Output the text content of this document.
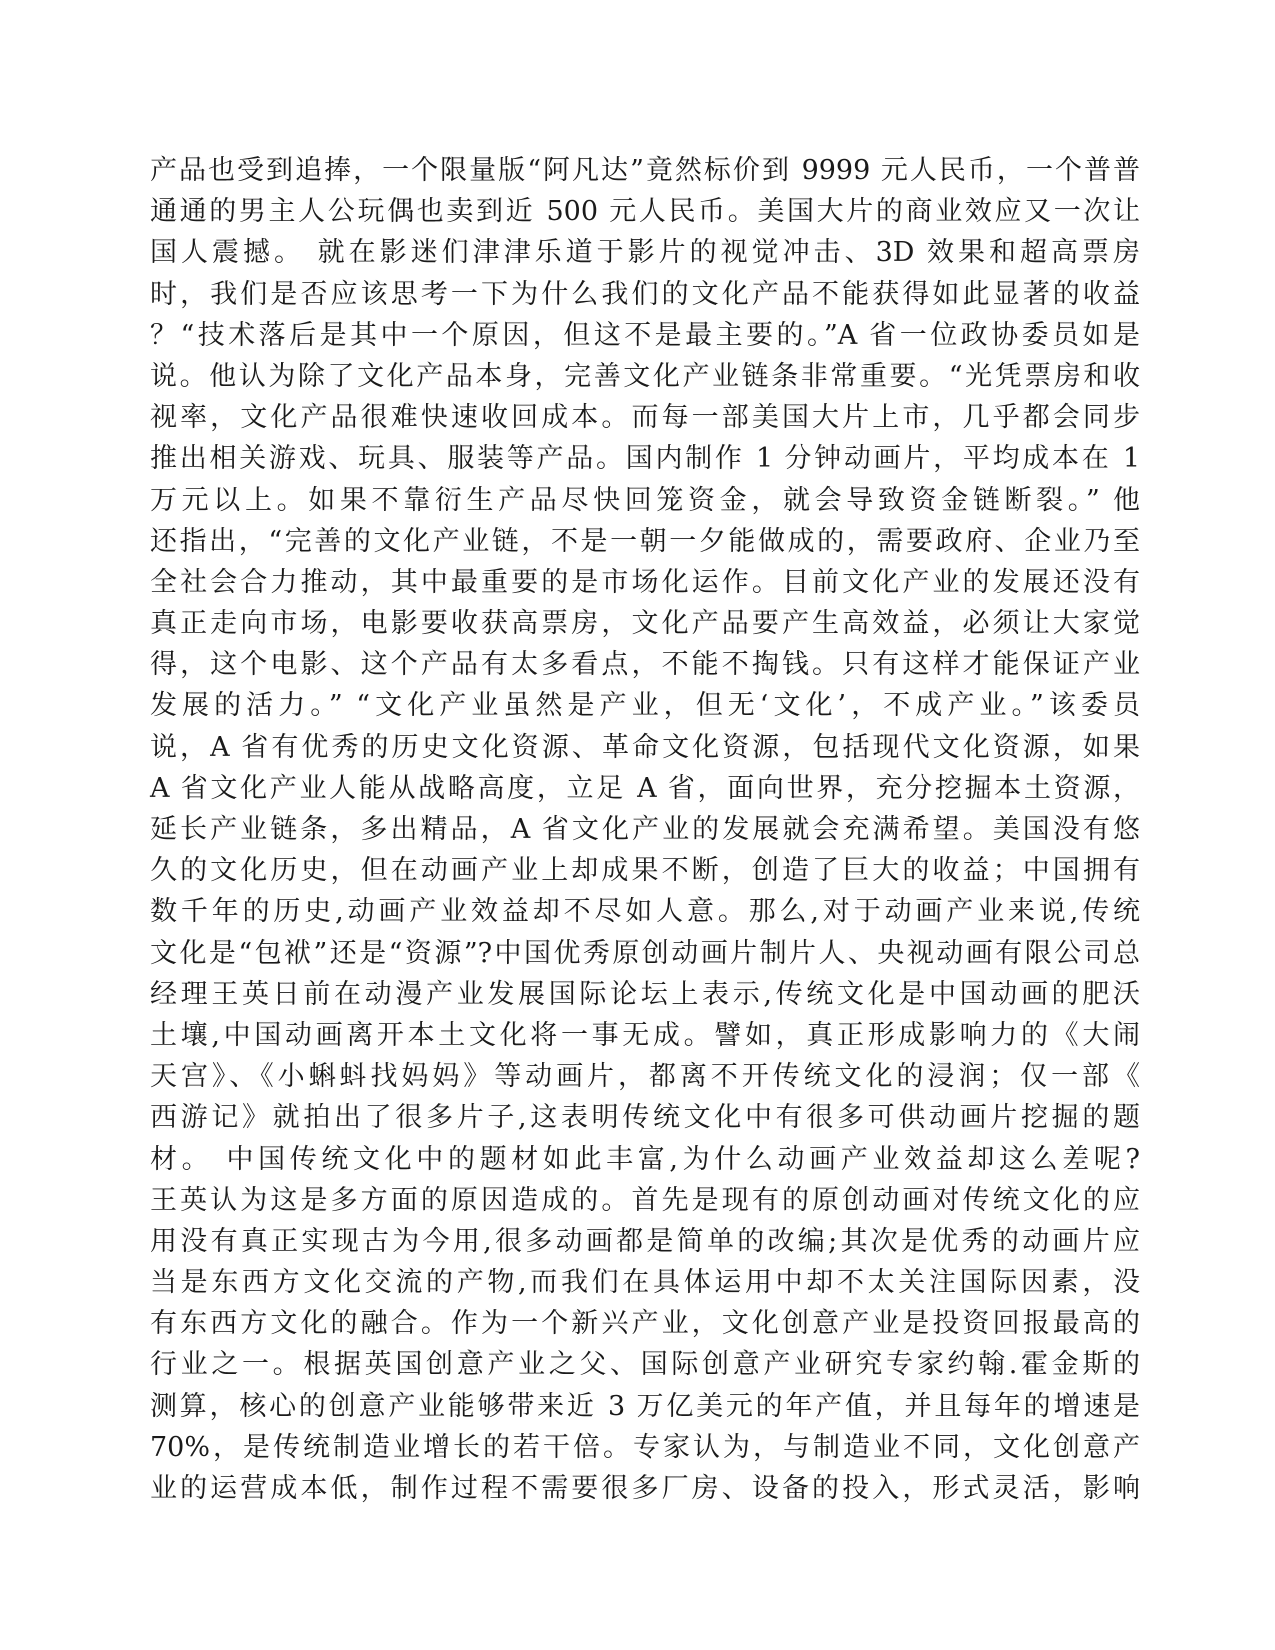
产品也受到追捧，一个限量版“阿凡达”竟然标价到 9999 元人民币，一个普普
通通的男主人公玩偶也卖到近 500 元人民币。美国大片的商业效应又一次让
国人震撼。 就在影迷们津津乐道于影片的视觉冲击、3D 效果和超高票房
时，我们是否应该思考一下为什么我们的文化产品不能获得如此显著的收益
？“技术落后是其中一个原因，但这不是最主要的。”A 省一位政协委员如是
说。他认为除了文化产品本身，完善文化产业链条非常重要。“光凭票房和收
视率，文化产品很难快速收回成本。而每一部美国大片上市，几乎都会同步
推出相关游戏、玩具、服装等产品。国内制作 1 分钟动画片，平均成本在 1
万元以上。如果不靠衍生产品尽快回笼资金，就会导致资金链断裂。” 他
还指出，“完善的文化产业链，不是一朝一夕能做成的，需要政府、企业乃至
全社会合力推动，其中最重要的是市场化运作。目前文化产业的发展还没有
真正走向市场，电影要收获高票房，文化产品要产生高效益，必须让大家觉
得，这个电影、这个产品有太多看点，不能不掏钱。只有这样才能保证产业
发展的活力。” “文化产业虽然是产业，但无‘文化’，不成产业。”该委员
说，A 省有优秀的历史文化资源、革命文化资源，包括现代文化资源，如果
A 省文化产业人能从战略高度，立足 A 省，面向世界，充分挖掘本土资源，
延长产业链条，多出精品，A 省文化产业的发展就会充满希望。美国没有悠
久的文化历史，但在动画产业上却成果不断，创造了巨大的收益；中国拥有
数千年的历史,动画产业效益却不尽如人意。那么,对于动画产业来说,传统
文化是“包袱”还是“资源”?中国优秀原创动画片制片人、央视动画有限公司总
经理王英日前在动漫产业发展国际论坛上表示,传统文化是中国动画的肥沃
土壤,中国动画离开本土文化将一事无成。譬如，真正形成影响力的《大闹
天宫》、《小蝌蚪找妈妈》等动画片，都离不开传统文化的浸润；仅一部《
西游记》就拍出了很多片子,这表明传统文化中有很多可供动画片挖掘的题
材。 中国传统文化中的题材如此丰富,为什么动画产业效益却这么差呢?
王英认为这是多方面的原因造成的。首先是现有的原创动画对传统文化的应
用没有真正实现古为今用,很多动画都是简单的改编;其次是优秀的动画片应
当是东西方文化交流的产物,而我们在具体运用中却不太关注国际因素，没
有东西方文化的融合。作为一个新兴产业，文化创意产业是投资回报最高的
行业之一。根据英国创意产业之父、国际创意产业研究专家约翰.霍金斯的
测算，核心的创意产业能够带来近 3 万亿美元的年产值，并且每年的增速是
70%，是传统制造业增长的若干倍。专家认为，与制造业不同，文化创意产
业的运营成本低，制作过程不需要很多厂房、设备的投入，形式灵活，影响
